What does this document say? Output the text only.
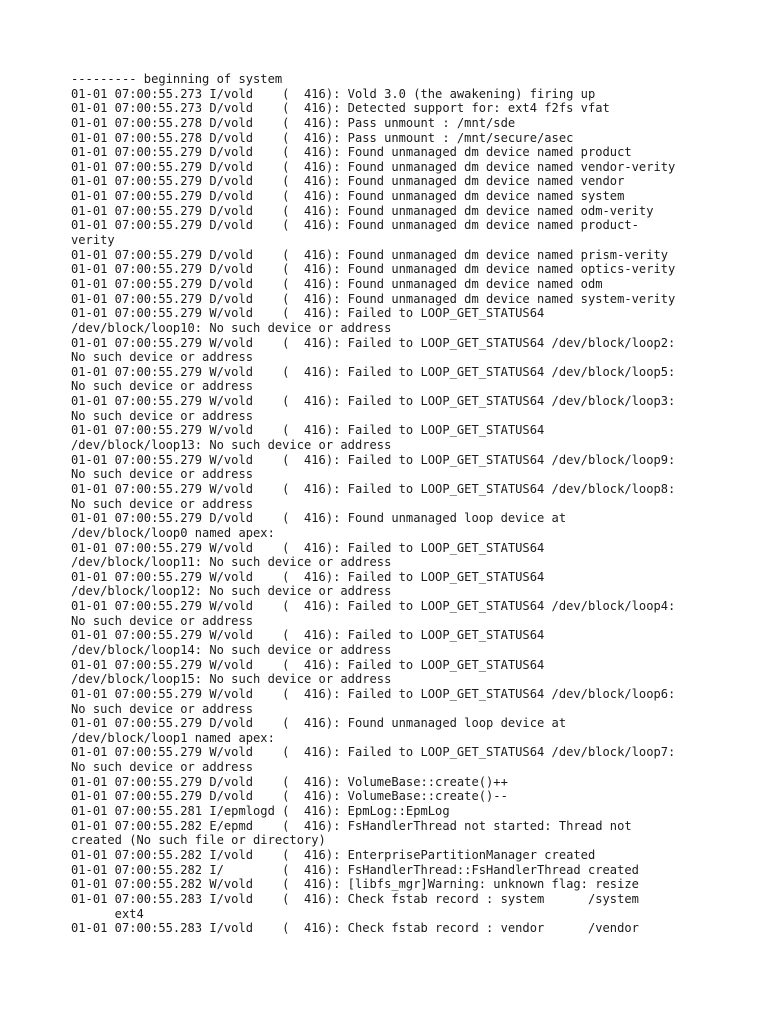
--------- beginning of system
01-01 07:00:55.273 I/vold    (  416): Vold 3.0 (the awakening) firing up
01-01 07:00:55.273 D/vold    (  416): Detected support for: ext4 f2fs vfat
01-01 07:00:55.278 D/vold    (  416): Pass unmount : /mnt/sde
01-01 07:00:55.278 D/vold    (  416): Pass unmount : /mnt/secure/asec
01-01 07:00:55.279 D/vold    (  416): Found unmanaged dm device named product
01-01 07:00:55.279 D/vold    (  416): Found unmanaged dm device named vendor-verity
01-01 07:00:55.279 D/vold    (  416): Found unmanaged dm device named vendor
01-01 07:00:55.279 D/vold    (  416): Found unmanaged dm device named system
01-01 07:00:55.279 D/vold    (  416): Found unmanaged dm device named odm-verity
01-01 07:00:55.279 D/vold    (  416): Found unmanaged dm device named product-
verity
01-01 07:00:55.279 D/vold    (  416): Found unmanaged dm device named prism-verity
01-01 07:00:55.279 D/vold    (  416): Found unmanaged dm device named optics-verity
01-01 07:00:55.279 D/vold    (  416): Found unmanaged dm device named odm
01-01 07:00:55.279 D/vold    (  416): Found unmanaged dm device named system-verity
01-01 07:00:55.279 W/vold    (  416): Failed to LOOP_GET_STATUS64
/dev/block/loop10: No such device or address
01-01 07:00:55.279 W/vold    (  416): Failed to LOOP_GET_STATUS64 /dev/block/loop2:
No such device or address
01-01 07:00:55.279 W/vold    (  416): Failed to LOOP_GET_STATUS64 /dev/block/loop5:
No such device or address
01-01 07:00:55.279 W/vold    (  416): Failed to LOOP_GET_STATUS64 /dev/block/loop3:
No such device or address
01-01 07:00:55.279 W/vold    (  416): Failed to LOOP_GET_STATUS64
/dev/block/loop13: No such device or address
01-01 07:00:55.279 W/vold    (  416): Failed to LOOP_GET_STATUS64 /dev/block/loop9:
No such device or address
01-01 07:00:55.279 W/vold    (  416): Failed to LOOP_GET_STATUS64 /dev/block/loop8:
No such device or address
01-01 07:00:55.279 D/vold    (  416): Found unmanaged loop device at
/dev/block/loop0 named apex:
01-01 07:00:55.279 W/vold    (  416): Failed to LOOP_GET_STATUS64
/dev/block/loop11: No such device or address
01-01 07:00:55.279 W/vold    (  416): Failed to LOOP_GET_STATUS64
/dev/block/loop12: No such device or address
01-01 07:00:55.279 W/vold    (  416): Failed to LOOP_GET_STATUS64 /dev/block/loop4:
No such device or address
01-01 07:00:55.279 W/vold    (  416): Failed to LOOP_GET_STATUS64
/dev/block/loop14: No such device or address
01-01 07:00:55.279 W/vold    (  416): Failed to LOOP_GET_STATUS64
/dev/block/loop15: No such device or address
01-01 07:00:55.279 W/vold    (  416): Failed to LOOP_GET_STATUS64 /dev/block/loop6:
No such device or address
01-01 07:00:55.279 D/vold    (  416): Found unmanaged loop device at
/dev/block/loop1 named apex:
01-01 07:00:55.279 W/vold    (  416): Failed to LOOP_GET_STATUS64 /dev/block/loop7:
No such device or address
01-01 07:00:55.279 D/vold    (  416): VolumeBase::create()++
01-01 07:00:55.279 D/vold    (  416): VolumeBase::create()--
01-01 07:00:55.281 I/epmlogd (  416): EpmLog::EpmLog
01-01 07:00:55.282 E/epmd    (  416): FsHandlerThread not started: Thread not
created (No such file or directory)
01-01 07:00:55.282 I/vold    (  416): EnterprisePartitionManager created
01-01 07:00:55.282 I/        (  416): FsHandlerThread::FsHandlerThread created
01-01 07:00:55.282 W/vold    (  416): [libfs_mgr]Warning: unknown flag: resize
01-01 07:00:55.283 I/vold    (  416): Check fstab record : system      /system
ext4
01-01 07:00:55.283 I/vold    (  416): Check fstab record : vendor      /vendor
